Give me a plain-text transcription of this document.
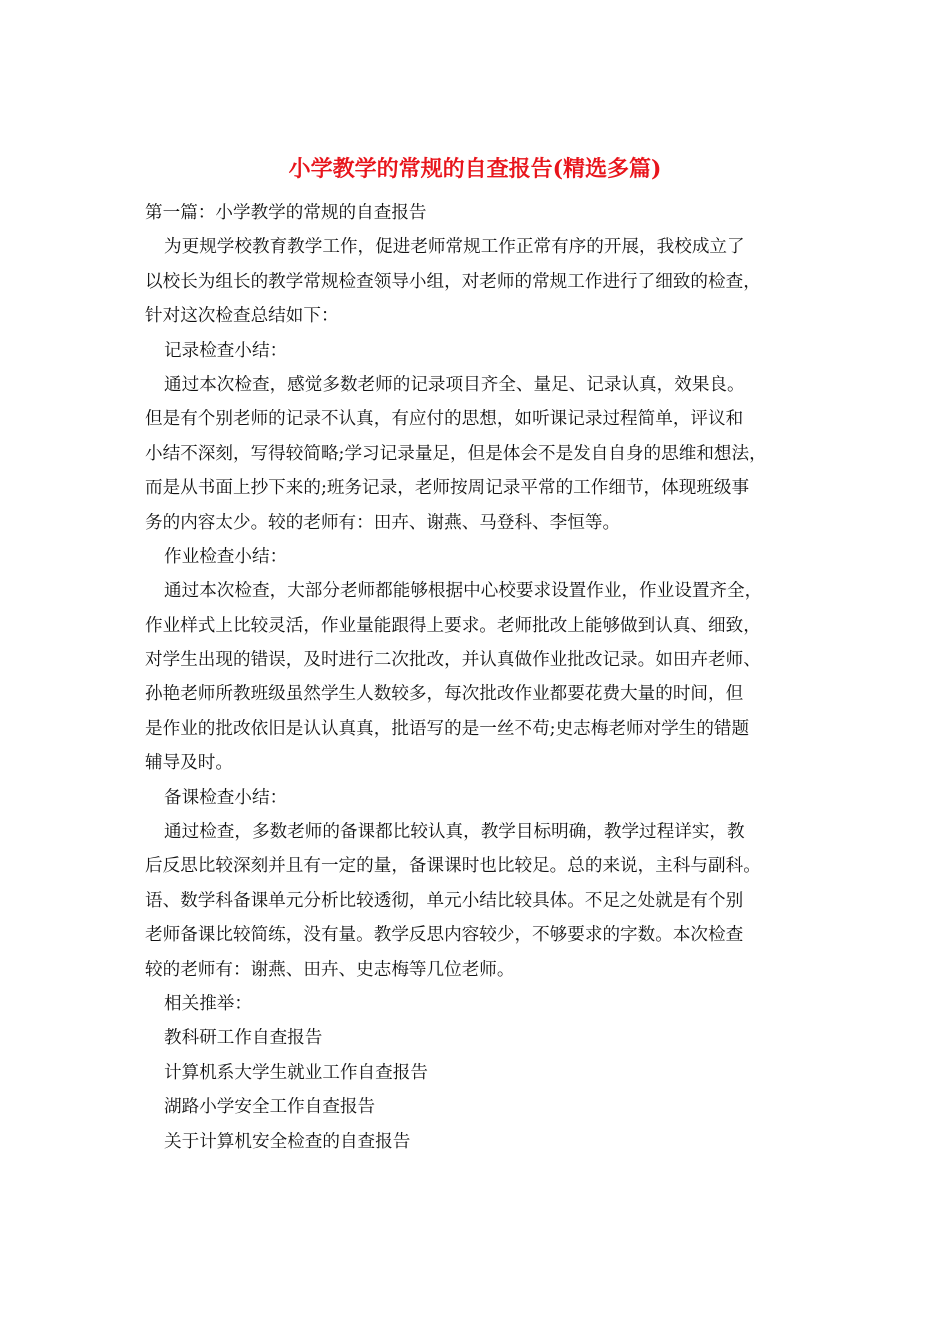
小学教学的常规的自查报告(精选多篇)
第一篇：小学教学的常规的自查报告
为更规学校教育教学工作，促进老师常规工作正常有序的开展，我校成立了
以校长为组长的教学常规检查领导小组，对老师的常规工作进行了细致的检查，
针对这次检查总结如下：
记录检查小结：
通过本次检查，感觉多数老师的记录项目齐全、量足、记录认真，效果良。
但是有个别老师的记录不认真，有应付的思想，如听课记录过程简单，评议和
小结不深刻，写得较简略;学习记录量足，但是体会不是发自自身的思维和想法，
而是从书面上抄下来的;班务记录，老师按周记录平常的工作细节，体现班级事
务的内容太少。较的老师有：田卉、谢燕、马登科、李恒等。
作业检查小结：
通过本次检查，大部分老师都能够根据中心校要求设置作业，作业设置齐全，
作业样式上比较灵活，作业量能跟得上要求。老师批改上能够做到认真、细致，
对学生出现的错误，及时进行二次批改，并认真做作业批改记录。如田卉老师、
孙艳老师所教班级虽然学生人数较多，每次批改作业都要花费大量的时间，但
是作业的批改依旧是认认真真，批语写的是一丝不苟;史志梅老师对学生的错题
辅导及时。
备课检查小结：
通过检查，多数老师的备课都比较认真，教学目标明确，教学过程详实，教
后反思比较深刻并且有一定的量，备课课时也比较足。总的来说，主科与副科。
语、数学科备课单元分析比较透彻，单元小结比较具体。不足之处就是有个别
老师备课比较简练，没有量。教学反思内容较少，不够要求的字数。本次检查
较的老师有：谢燕、田卉、史志梅等几位老师。
相关推举：
教科研工作自查报告
计算机系大学生就业工作自查报告
湖路小学安全工作自查报告
关于计算机安全检查的自查报告
